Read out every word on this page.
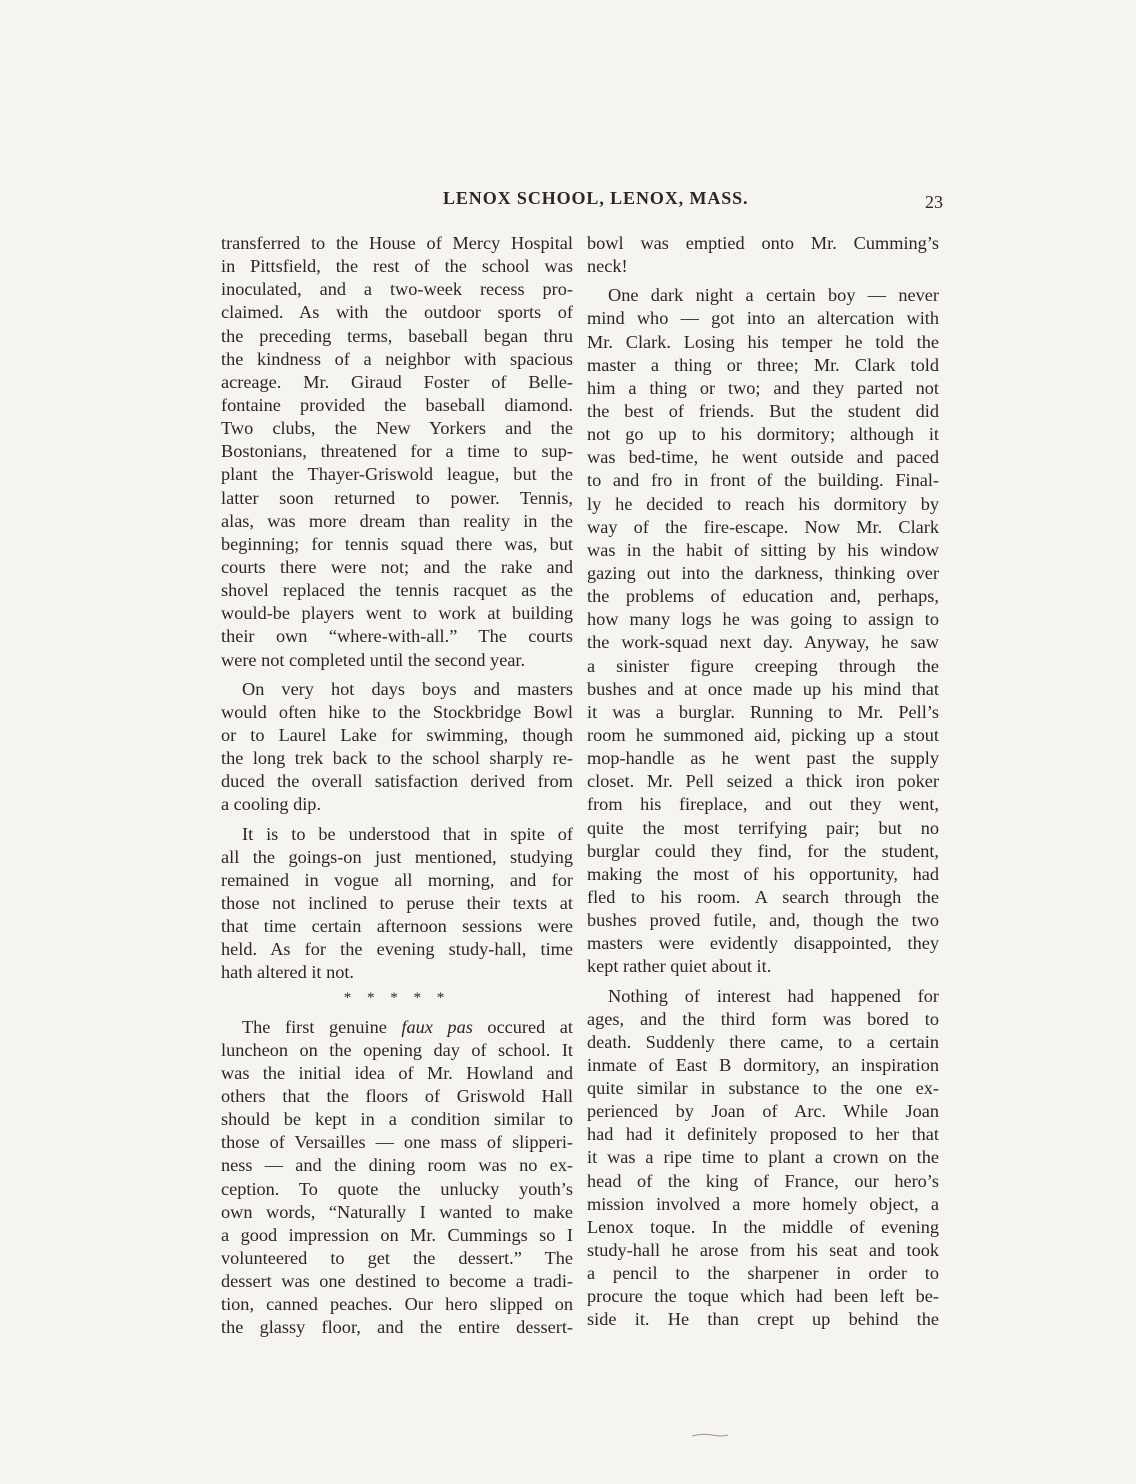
LENOX SCHOOL, LENOX, MASS.	23
transferred to the House of Mercy Hospital
in Pittsfield, the rest of the school was
inoculated, and a two-week recess pro-
claimed. As with the outdoor sports of
the preceding terms, baseball began thru
the kindness of a neighbor with spacious
acreage. Mr. Giraud Foster of Belle-
fontaine provided the baseball diamond.
Two clubs, the New Yorkers and the
Bostonians, threatened for a time to sup-
plant the Thayer-Griswold league, but the
latter soon returned to power. Tennis,
alas, was more dream than reality in the
beginning; for tennis squad there was, but
courts there were not; and the rake and
shovel replaced the tennis racquet as the
would-be players went to work at building
their own “where-with-all.” The courts
were not completed until the second year.
On very hot days boys and masters
would often hike to the Stockbridge Bowl
or to Laurel Lake for swimming, though
the long trek back to the school sharply re-
duced the overall satisfaction derived from
a cooling dip.
It is to be understood that in spite of
all the goings-on just mentioned, studying
remained in vogue all morning, and for
those not inclined to peruse their texts at
that time certain afternoon sessions were
held. As for the evening study-hall, time
hath altered it not.
* * * * *
The first genuine faux pas occured at
luncheon on the opening day of school. It
was the initial idea of Mr. Howland and
others that the floors of Griswold Hall
should be kept in a condition similar to
those of Versailles — one mass of slipperi-
ness — and the dining room was no ex-
ception. To quote the unlucky youth’s
own words, “Naturally I wanted to make
a good impression on Mr. Cummings so I
volunteered to get the dessert.” The
dessert was one destined to become a tradi-
tion, canned peaches. Our hero slipped on
the glassy floor, and the entire dessert-
bowl was emptied onto Mr. Cumming’s
neck!
One dark night a certain boy — never
mind who — got into an altercation with
Mr. Clark. Losing his temper he told the
master a thing or three; Mr. Clark told
him a thing or two; and they parted not
the best of friends. But the student did
not go up to his dormitory; although it
was bed-time, he went outside and paced
to and fro in front of the building. Final-
ly he decided to reach his dormitory by
way of the fire-escape. Now Mr. Clark
was in the habit of sitting by his window
gazing out into the darkness, thinking over
the problems of education and, perhaps,
how many logs he was going to assign to
the work-squad next day. Anyway, he saw
a sinister figure creeping through the
bushes and at once made up his mind that
it was a burglar. Running to Mr. Pell’s
room he summoned aid, picking up a stout
mop-handle as he went past the supply
closet. Mr. Pell seized a thick iron poker
from his fireplace, and out they went,
quite the most terrifying pair; but no
burglar could they find, for the student,
making the most of his opportunity, had
fled to his room. A search through the
bushes proved futile, and, though the two
masters were evidently disappointed, they
kept rather quiet about it.
Nothing of interest had happened for
ages, and the third form was bored to
death. Suddenly there came, to a certain
inmate of East B dormitory, an inspiration
quite similar in substance to the one ex-
perienced by Joan of Arc. While Joan
had had it definitely proposed to her that
it was a ripe time to plant a crown on the
head of the king of France, our hero’s
mission involved a more homely object, a
Lenox toque. In the middle of evening
study-hall he arose from his seat and took
a pencil to the sharpener in order to
procure the toque which had been left be-
side it. He than crept up behind the
